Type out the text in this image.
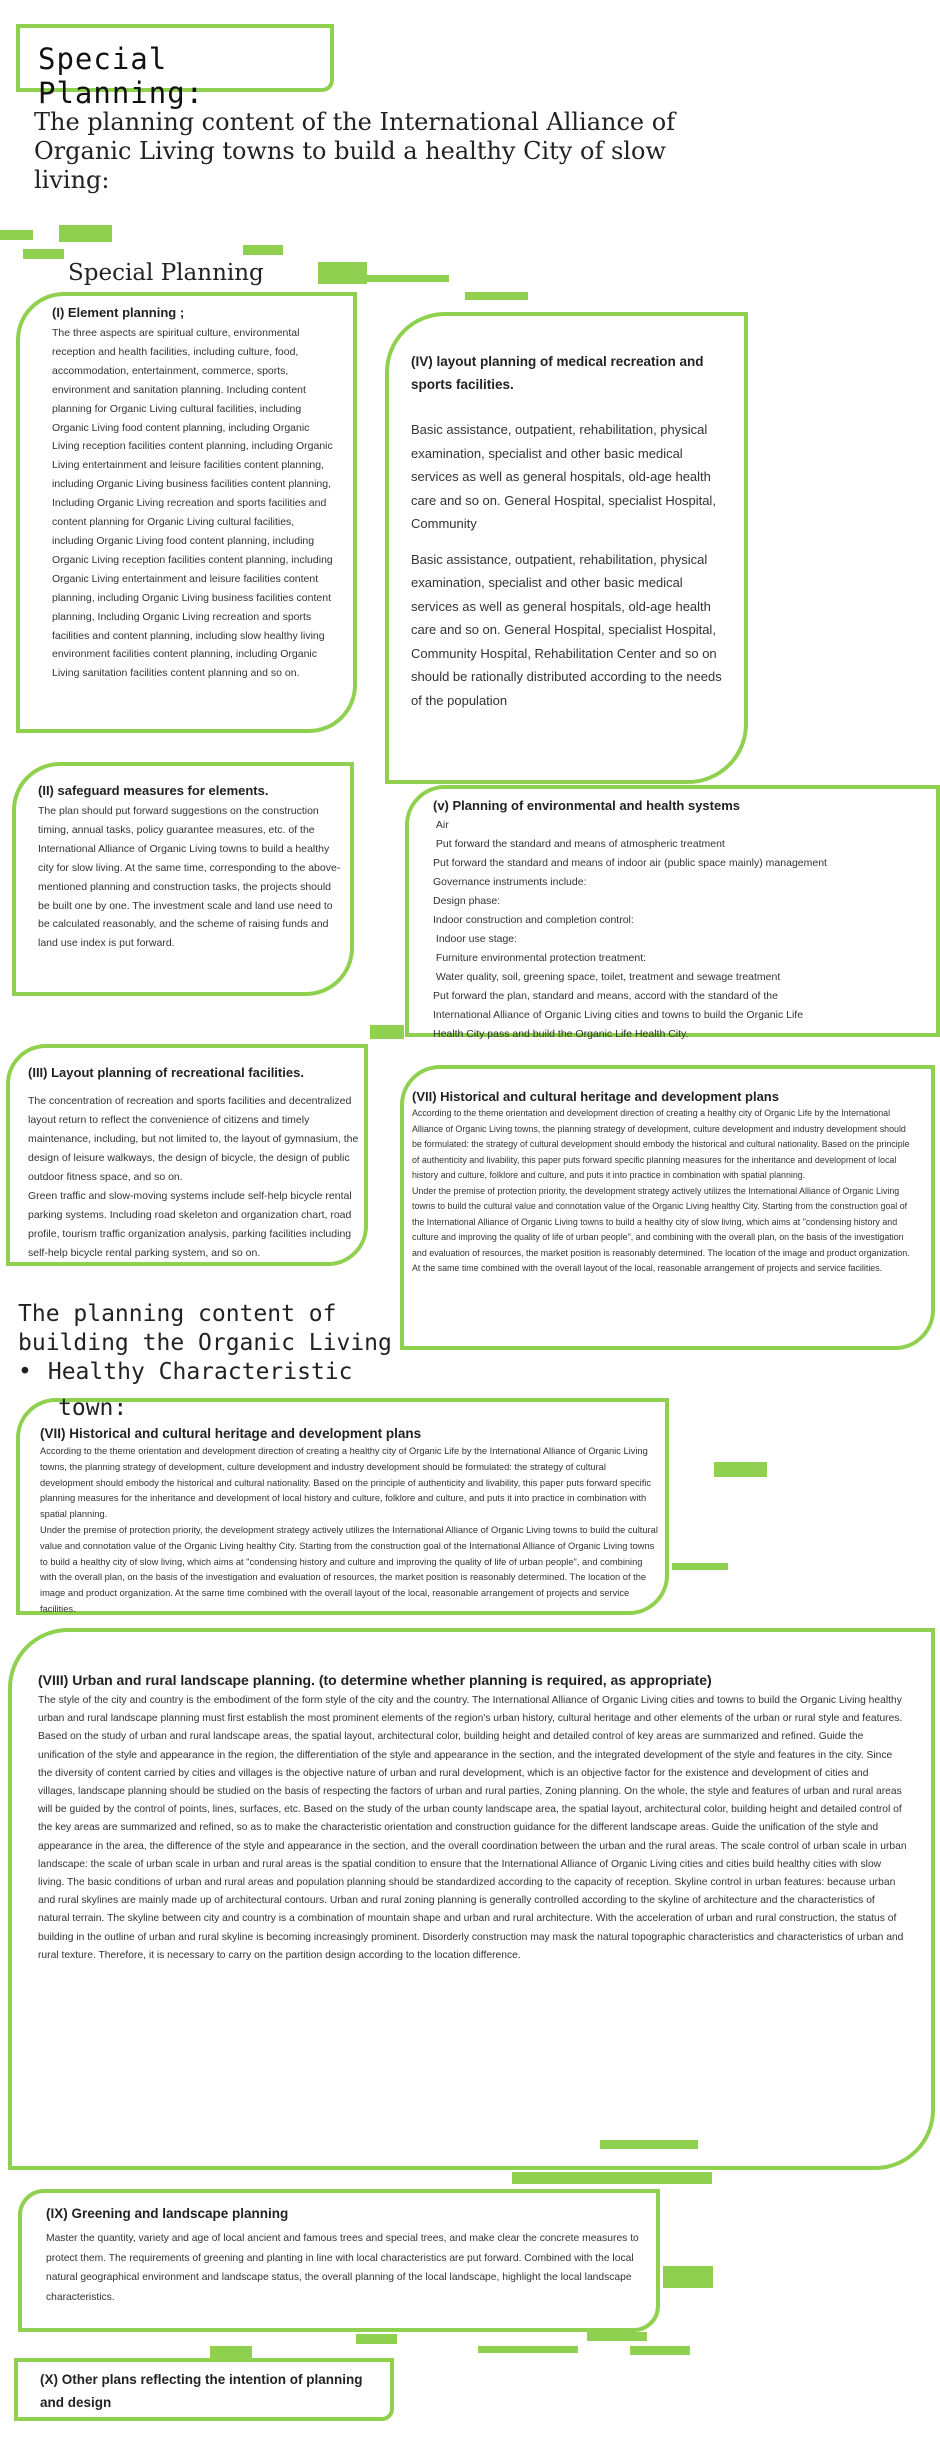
Special Planning:
The planning content of the International Alliance of Organic Living towns to build a healthy City of slow living:
Special Planning

(I) Element planning ;

The three aspects are spiritual culture, environmental reception and health facilities, including culture, food, accommodation, entertainment, commerce, sports, environment and sanitation planning. Including content planning for Organic Living cultural facilities, including Organic Living food content planning, including Organic Living reception facilities content planning, including Organic Living entertainment and leisure facilities content planning, including Organic Living business facilities content planning, Including Organic Living recreation and sports facilities and content planning for Organic Living cultural facilities, including Organic Living food content planning, including Organic Living reception facilities content planning, including Organic Living entertainment and leisure facilities content planning, including Organic Living business facilities content planning, Including Organic Living recreation and sports facilities and content planning, including slow healthy living environment facilities content planning, including Organic Living sanitation facilities content planning and so on.

(IV) layout planning of medical recreation and sports facilities.

Basic assistance, outpatient, rehabilitation, physical examination, specialist and other basic medical services as well as general hospitals, old-age health care and so on. General Hospital, specialist Hospital, Community

Basic assistance, outpatient, rehabilitation, physical examination, specialist and other basic medical services as well as general hospitals, old-age health care and so on. General Hospital, specialist Hospital, Community Hospital, Rehabilitation Center and so on should be rationally distributed according to the needs of the population

(II) safeguard measures for elements.

The plan should put forward suggestions on the construction timing, annual tasks, policy guarantee measures, etc. of the International Alliance of Organic Living towns to build a healthy city for slow living. At the same time, corresponding to the above-mentioned planning and construction tasks, the projects should be built one by one. The investment scale and land use need to be calculated reasonably, and the scheme of raising funds and land use index is put forward.

(v) Planning of environmental and health systems

Air
Put forward the standard and means of atmospheric treatment
Put forward the standard and means of indoor air (public space mainly) management
Governance instruments include:
Design phase:
Indoor construction and completion control:
Indoor use stage:
Furniture environmental protection treatment:
Water quality, soil, greening space, toilet, treatment and sewage treatment
Put forward the plan, standard and means, accord with the standard of the International Alliance of Organic Living cities and towns to build the Organic Life Health City pass and build the Organic Life Health City.

(III) Layout planning of recreational facilities.

The concentration of recreation and sports facilities and decentralized layout return to reflect the convenience of citizens and timely maintenance, including, but not limited to, the layout of gymnasium, the design of leisure walkways, the design of bicycle, the design of public outdoor fitness space, and so on.

Green traffic and slow-moving systems include self-help bicycle rental parking systems. Including road skeleton and organization chart, road profile, tourism traffic organization analysis, parking facilities including self-help bicycle rental parking system, and so on.

(VII) Historical and cultural heritage and development plans

According to the theme orientation and development direction of creating a healthy city of Organic Life by the International Alliance of Organic Living towns, the planning strategy of development, culture development and industry development should be formulated: the strategy of cultural development should embody the historical and cultural nationality. Based on the principle of authenticity and livability, this paper puts forward specific planning measures for the inheritance and development of local history and culture, folklore and culture, and puts it into practice in combination with spatial planning.

Under the premise of protection priority, the development strategy actively utilizes the International Alliance of Organic Living towns to build the cultural value and connotation value of the Organic Living healthy City. Starting from the construction goal of the International Alliance of Organic Living towns to build a healthy city of slow living, which aims at "condensing history and culture and improving the quality of life of urban people", and combining with the overall plan, on the basis of the investigation and evaluation of resources, the market position is reasonably determined. The location of the image and product organization. At the same time combined with the overall layout of the local, reasonable arrangement of projects and service facilities.

The planning content of
building the Organic Living
• Healthy Characteristic
town:

(VII) Historical and cultural heritage and development plans

According to the theme orientation and development direction of creating a healthy city of Organic Life by the International Alliance of Organic Living towns, the planning strategy of development, culture development and industry development should be formulated: the strategy of cultural development should embody the historical and cultural nationality. Based on the principle of authenticity and livability, this paper puts forward specific planning measures for the inheritance and development of local history and culture, folklore and culture, and puts it into practice in combination with spatial planning.

Under the premise of protection priority, the development strategy actively utilizes the International Alliance of Organic Living towns to build the cultural value and connotation value of the Organic Living healthy City. Starting from the construction goal of the International Alliance of Organic Living towns to build a healthy city of slow living, which aims at "condensing history and culture and improving the quality of life of urban people", and combining with the overall plan, on the basis of the investigation and evaluation of resources, the market position is reasonably determined. The location of the image and product organization. At the same time combined with the overall layout of the local, reasonable arrangement of projects and service facilities.

(VIII) Urban and rural landscape planning. (to determine whether planning is required, as appropriate)

The style of the city and country is the embodiment of the form style of the city and the country. The International Alliance of Organic Living cities and towns to build the Organic Living healthy urban and rural landscape planning must first establish the most prominent elements of the region's urban history, cultural heritage and other elements of the urban or rural style and features. Based on the study of urban and rural landscape areas, the spatial layout, architectural color, building height and detailed control of key areas are summarized and refined. Guide the unification of the style and appearance in the region, the differentiation of the style and appearance in the section, and the integrated development of the style and features in the city. Since the diversity of content carried by cities and villages is the objective nature of urban and rural development, which is an objective factor for the existence and development of cities and villages, landscape planning should be studied on the basis of respecting the factors of urban and rural parties, Zoning planning. On the whole, the style and features of urban and rural areas will be guided by the control of points, lines, surfaces, etc. Based on the study of the urban county landscape area, the spatial layout, architectural color, building height and detailed control of the key areas are summarized and refined, so as to make the characteristic orientation and construction guidance for the different landscape areas. Guide the unification of the style and appearance in the area, the difference of the style and appearance in the section, and the overall coordination between the urban and the rural areas. The scale control of urban scale in urban landscape: the scale of urban scale in urban and rural areas is the spatial condition to ensure that the International Alliance of Organic Living cities and cities build healthy cities with slow living. The basic conditions of urban and rural areas and population planning should be standardized according to the capacity of reception. Skyline control in urban features: because urban and rural skylines are mainly made up of architectural contours. Urban and rural zoning planning is generally controlled according to the skyline of architecture and the characteristics of natural terrain. The skyline between city and country is a combination of mountain shape and urban and rural architecture. With the acceleration of urban and rural construction, the status of building in the outline of urban and rural skyline is becoming increasingly prominent. Disorderly construction may mask the natural topographic characteristics and characteristics of urban and rural texture. Therefore, it is necessary to carry on the partition design according to the location difference.

(IX) Greening and landscape planning

Master the quantity, variety and age of local ancient and famous trees and special trees, and make clear the concrete measures to protect them. The requirements of greening and planting in line with local characteristics are put forward. Combined with the local natural geographical environment and landscape status, the overall planning of the local landscape, highlight the local landscape characteristics.

(X) Other plans reflecting the intention of planning and design
